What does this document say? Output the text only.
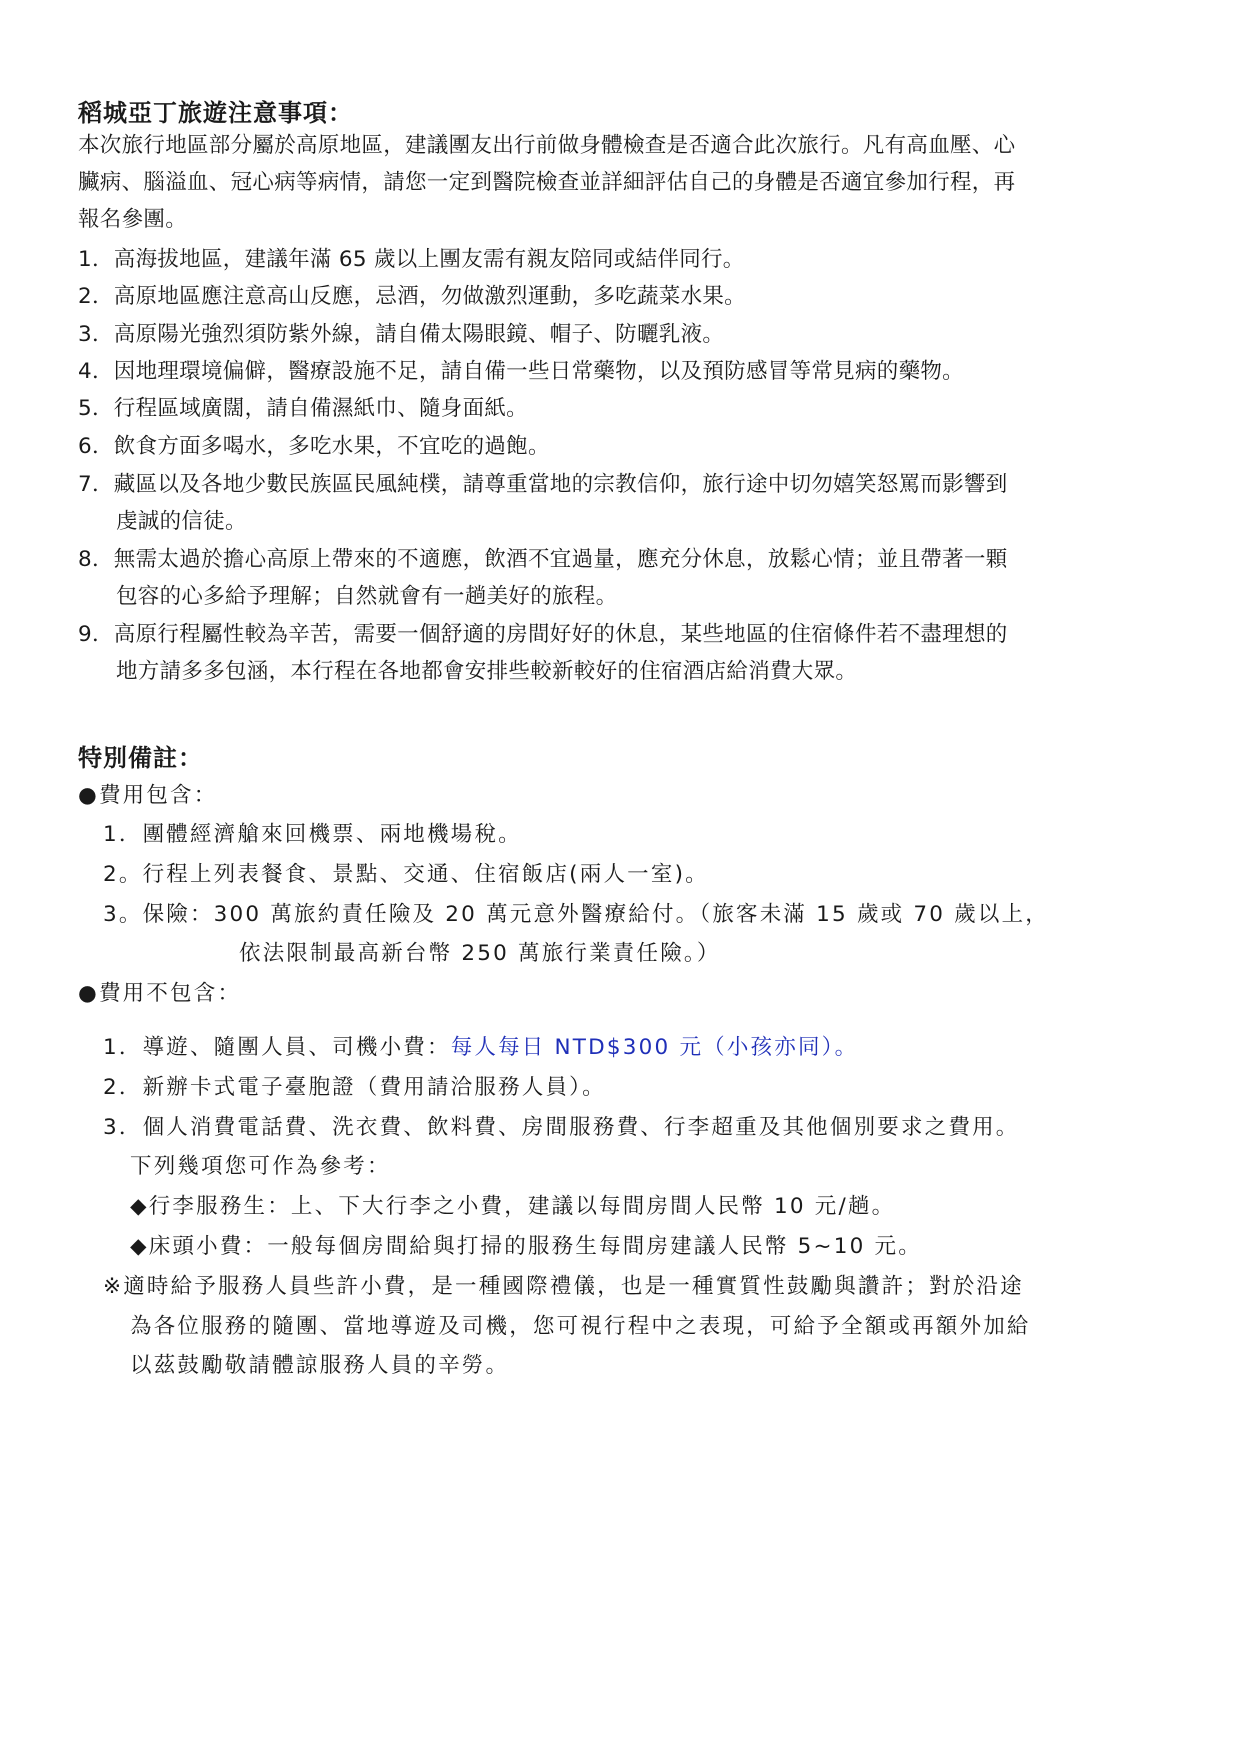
稻城亞丁旅遊注意事項：
本次旅行地區部分屬於高原地區，建議團友出行前做身體檢查是否適合此次旅行。凡有高血壓、心
臟病、腦溢血、冠心病等病情，請您一定到醫院檢查並詳細評估自己的身體是否適宜參加行程，再
報名參團。
1．高海拔地區，建議年滿 65 歲以上團友需有親友陪同或結伴同行。
2．高原地區應注意高山反應，忌酒，勿做激烈運動，多吃蔬菜水果。
3．高原陽光強烈須防紫外線，請自備太陽眼鏡、帽子、防曬乳液。
4．因地理環境偏僻，醫療設施不足，請自備一些日常藥物，以及預防感冒等常見病的藥物。
5．行程區域廣闊，請自備濕紙巾、隨身面紙。
6．飲食方面多喝水，多吃水果，不宜吃的過飽。
7．藏區以及各地少數民族區民風純樸，請尊重當地的宗教信仰，旅行途中切勿嬉笑怒罵而影響到
虔誠的信徒。
8．無需太過於擔心高原上帶來的不適應，飲酒不宜過量，應充分休息，放鬆心情；並且帶著一顆
包容的心多給予理解；自然就會有一趟美好的旅程。
9．高原行程屬性較為辛苦，需要一個舒適的房間好好的休息，某些地區的住宿條件若不盡理想的
地方請多多包涵，本行程在各地都會安排些較新較好的住宿酒店給消費大眾。
特別備註：
●費用包含：
1．團體經濟艙來回機票、兩地機場稅。
2。行程上列表餐食、景點、交通、住宿飯店(兩人一室)。
3。保險：300 萬旅約責任險及 20 萬元意外醫療給付。（旅客未滿 15 歲或 70 歲以上，
依法限制最高新台幣 250 萬旅行業責任險。）
●費用不包含：
1．導遊、隨團人員、司機小費：每人每日 NTD$300 元（小孩亦同）。
2．新辦卡式電子臺胞證（費用請洽服務人員）。
3．個人消費電話費、洗衣費、飲料費、房間服務費、行李超重及其他個別要求之費用。
下列幾項您可作為參考：
◆行李服務生：上、下大行李之小費，建議以每間房間人民幣 10 元/趟。
◆床頭小費：一般每個房間給與打掃的服務生每間房建議人民幣 5~10 元。
※適時給予服務人員些許小費，是一種國際禮儀，也是一種實質性鼓勵與讚許；對於沿途
為各位服務的隨團、當地導遊及司機，您可視行程中之表現，可給予全額或再額外加給
以茲鼓勵敬請體諒服務人員的辛勞。
